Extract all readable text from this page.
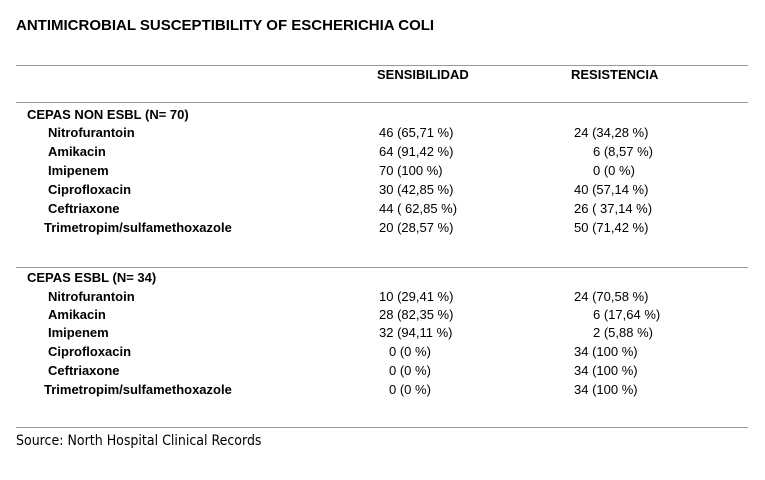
ANTIMICROBIAL SUSCEPTIBILITY OF ESCHERICHIA COLI
SENSIBILIDAD	RESISTENCIA
CEPAS NON ESBL (N= 70)
Nitrofurantoin	46 (65,71 %)	24 (34,28 %)
Amikacin	64 (91,42 %)	6 (8,57 %)
Imipenem	70 (100 %)	0 (0 %)
Ciprofloxacin	30 (42,85 %)	40 (57,14 %)
Ceftriaxone	44 ( 62,85 %)	26 ( 37,14 %)
Trimetropim/sulfamethoxazole	20 (28,57 %)	50 (71,42 %)
CEPAS ESBL (N= 34)
Nitrofurantoin	10 (29,41 %)	24 (70,58 %)
Amikacin	28 (82,35 %)	6 (17,64 %)
Imipenem	32 (94,11 %)	2 (5,88 %)
Ciprofloxacin	0 (0 %)	34 (100 %)
Ceftriaxone	0 (0 %)	34 (100 %)
Trimetropim/sulfamethoxazole	0 (0 %)	34 (100 %)
Source: North Hospital Clinical Records
